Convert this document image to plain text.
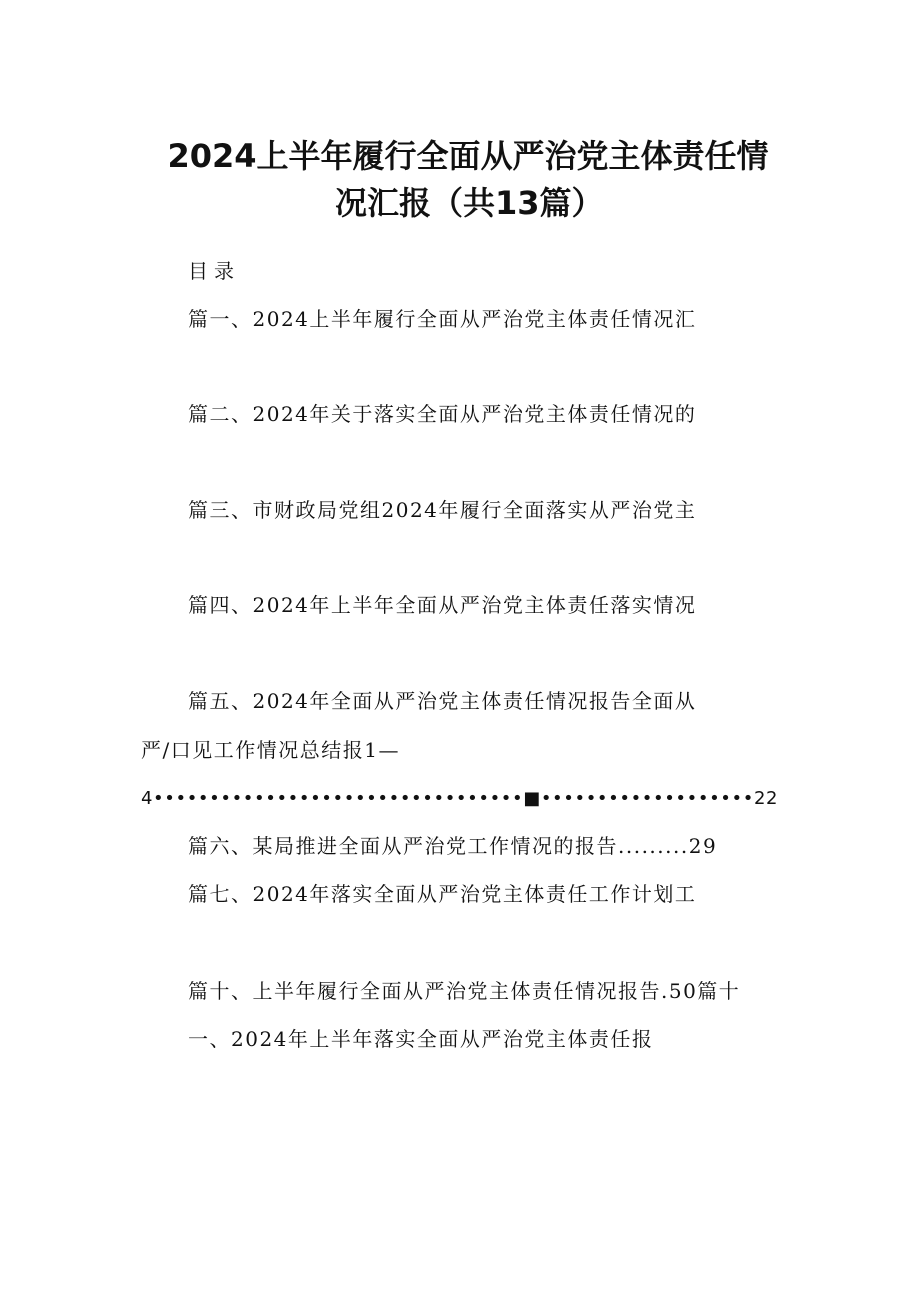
2024上半年履行全面从严治党主体责任情
况汇报（共13篇）
目录
篇一、2024上半年履行全面从严治党主体责任情况汇
篇二、2024年关于落实全面从严治党主体责任情况的
篇三、市财政局党组2024年履行全面落实从严治党主
篇四、2024年上半年全面从严治党主体责任落实情况
篇五、2024年全面从严治党主体责任情况报告全面从
严/口见工作情况总结报1—
4•••••••••••••••••••••••••••••••••■•••••••••••••••••••22
篇六、某局推进全面从严治党工作情况的报告.........29
篇七、2024年落实全面从严治党主体责任工作计划工
篇十、上半年履行全面从严治党主体责任情况报告.50篇十
一、2024年上半年落实全面从严治党主体责任报
